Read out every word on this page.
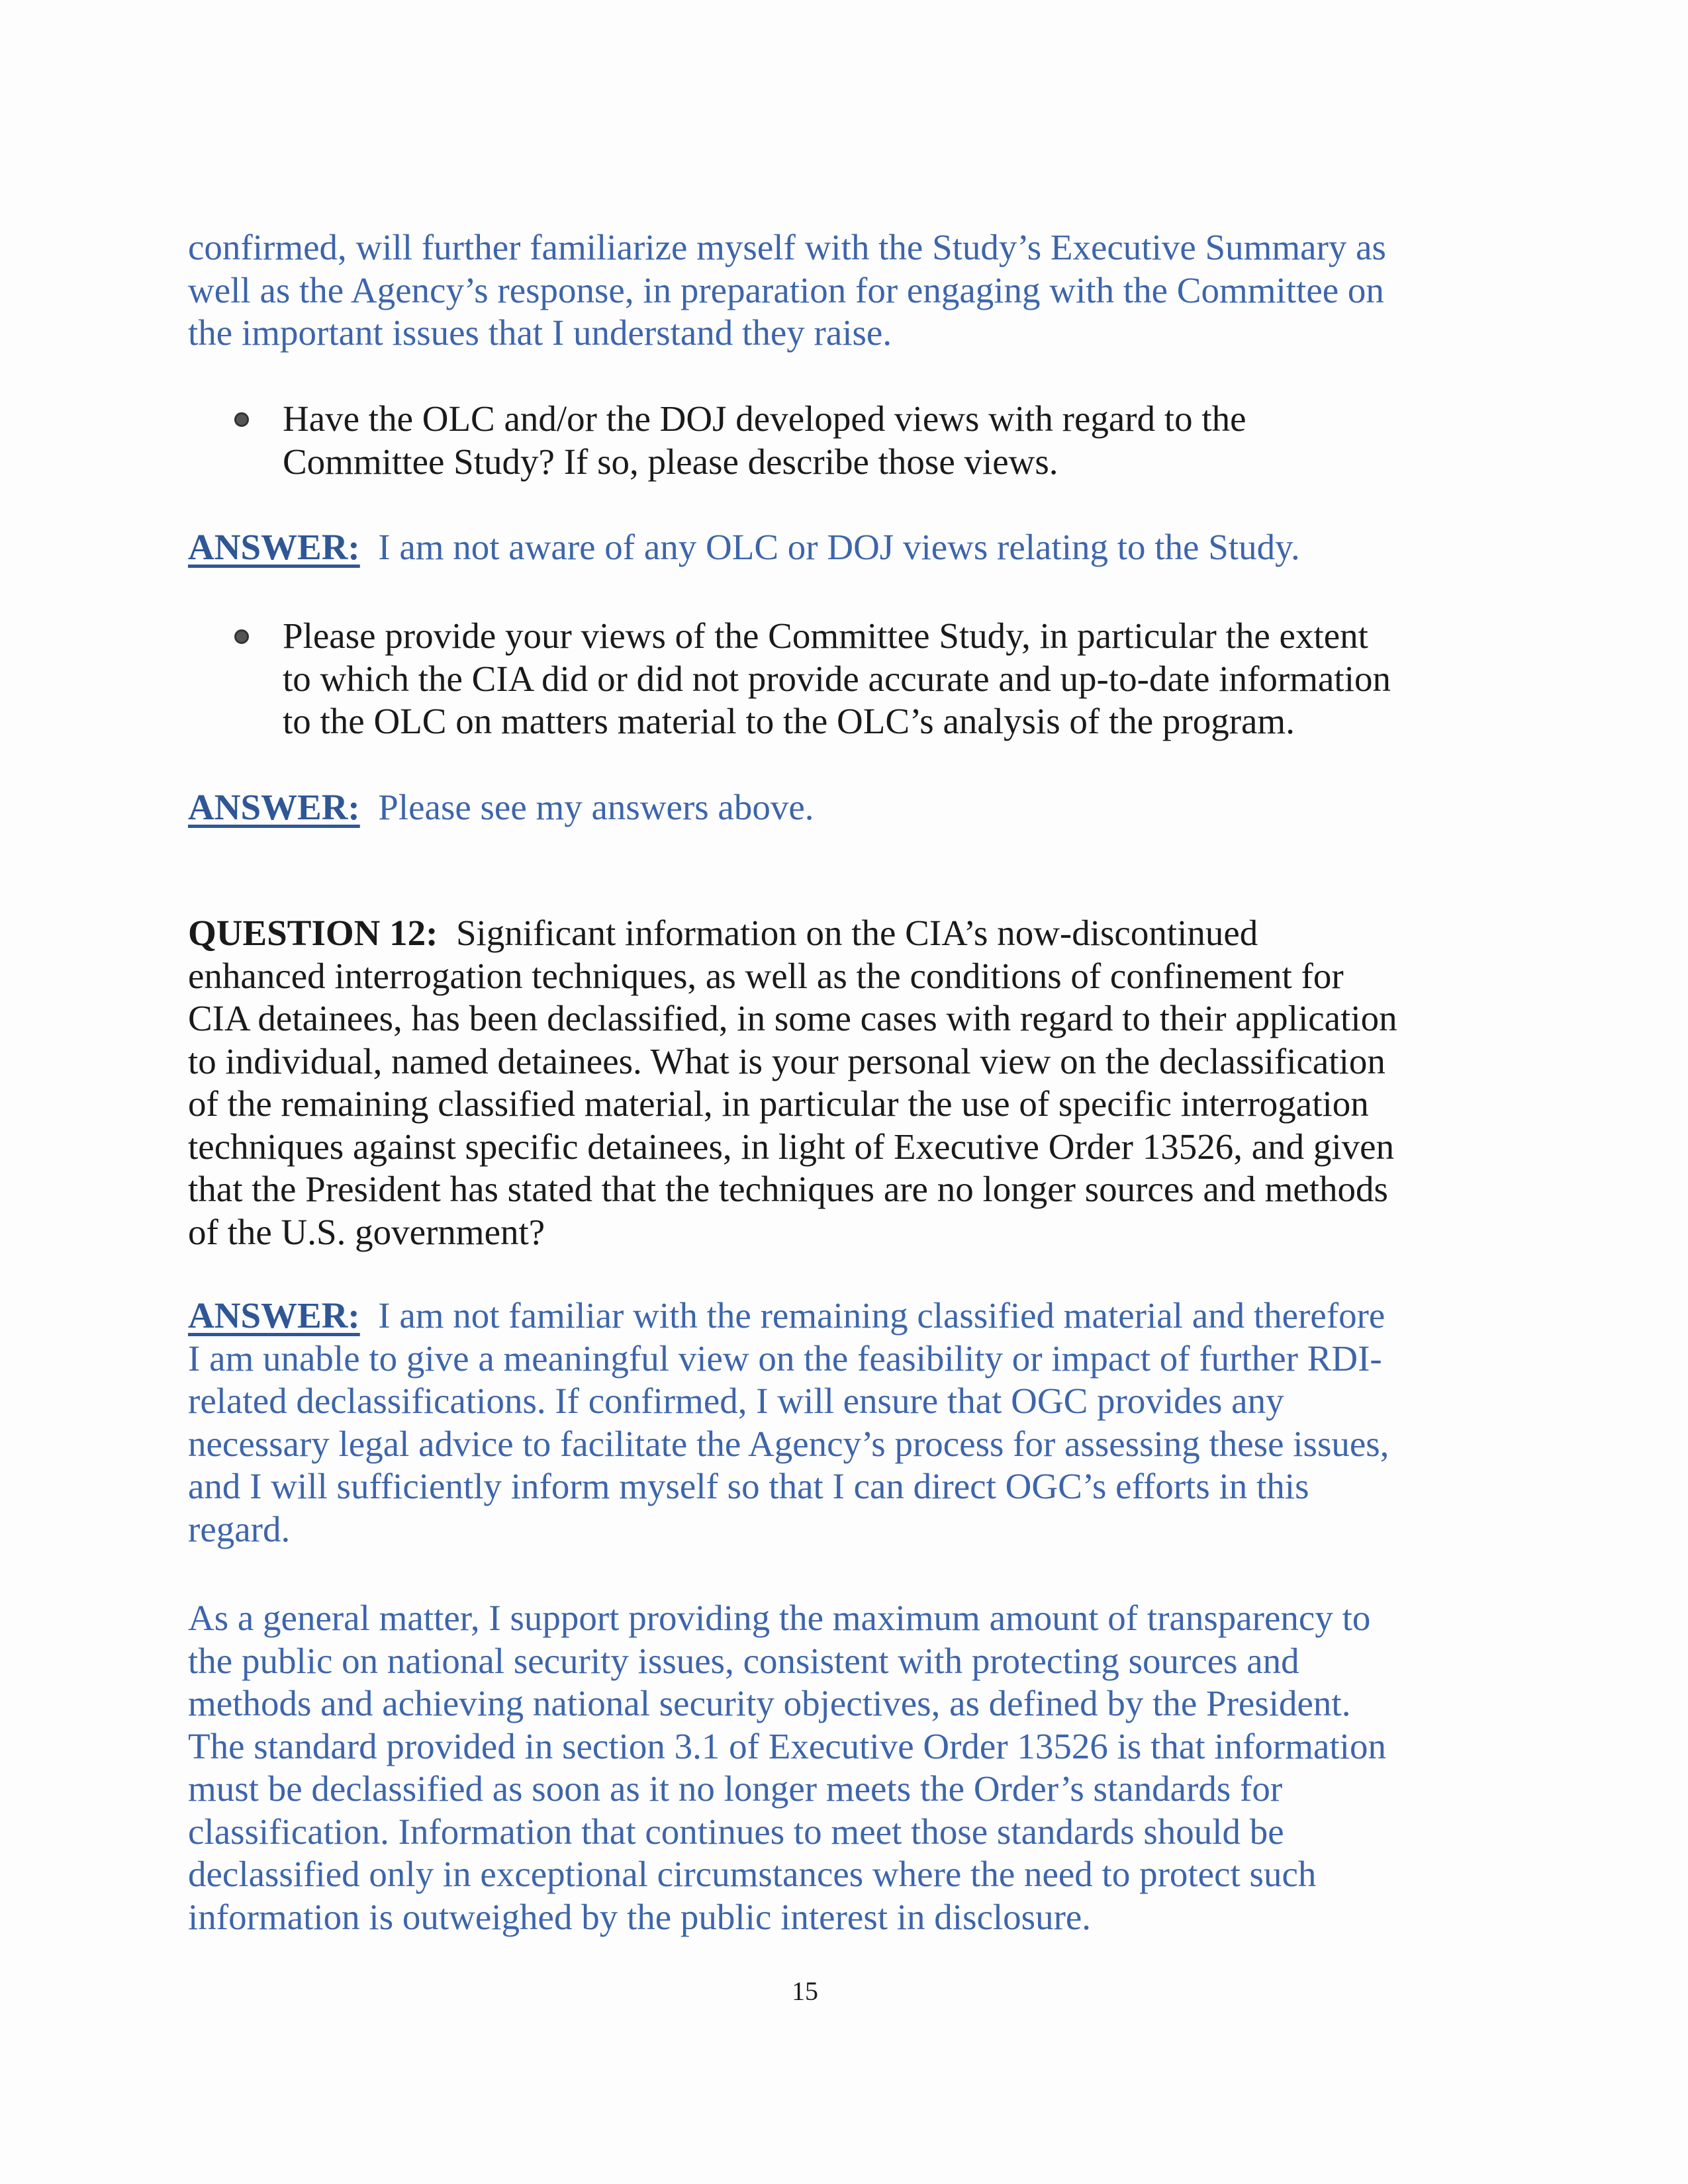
confirmed, will further familiarize myself with the Study’s Executive Summary as
well as the Agency’s response, in preparation for engaging with the Committee on
the important issues that I understand they raise.
Have the OLC and/or the DOJ developed views with regard to the
Committee Study? If so, please describe those views.
ANSWER: I am not aware of any OLC or DOJ views relating to the Study.
Please provide your views of the Committee Study, in particular the extent
to which the CIA did or did not provide accurate and up-to-date information
to the OLC on matters material to the OLC’s analysis of the program.
ANSWER: Please see my answers above.
QUESTION 12: Significant information on the CIA’s now-discontinued
enhanced interrogation techniques, as well as the conditions of confinement for
CIA detainees, has been declassified, in some cases with regard to their application
to individual, named detainees. What is your personal view on the declassification
of the remaining classified material, in particular the use of specific interrogation
techniques against specific detainees, in light of Executive Order 13526, and given
that the President has stated that the techniques are no longer sources and methods
of the U.S. government?
ANSWER: I am not familiar with the remaining classified material and therefore
I am unable to give a meaningful view on the feasibility or impact of further RDI-
related declassifications. If confirmed, I will ensure that OGC provides any
necessary legal advice to facilitate the Agency’s process for assessing these issues,
and I will sufficiently inform myself so that I can direct OGC’s efforts in this
regard.
As a general matter, I support providing the maximum amount of transparency to
the public on national security issues, consistent with protecting sources and
methods and achieving national security objectives, as defined by the President.
The standard provided in section 3.1 of Executive Order 13526 is that information
must be declassified as soon as it no longer meets the Order’s standards for
classification. Information that continues to meet those standards should be
declassified only in exceptional circumstances where the need to protect such
information is outweighed by the public interest in disclosure.
15
